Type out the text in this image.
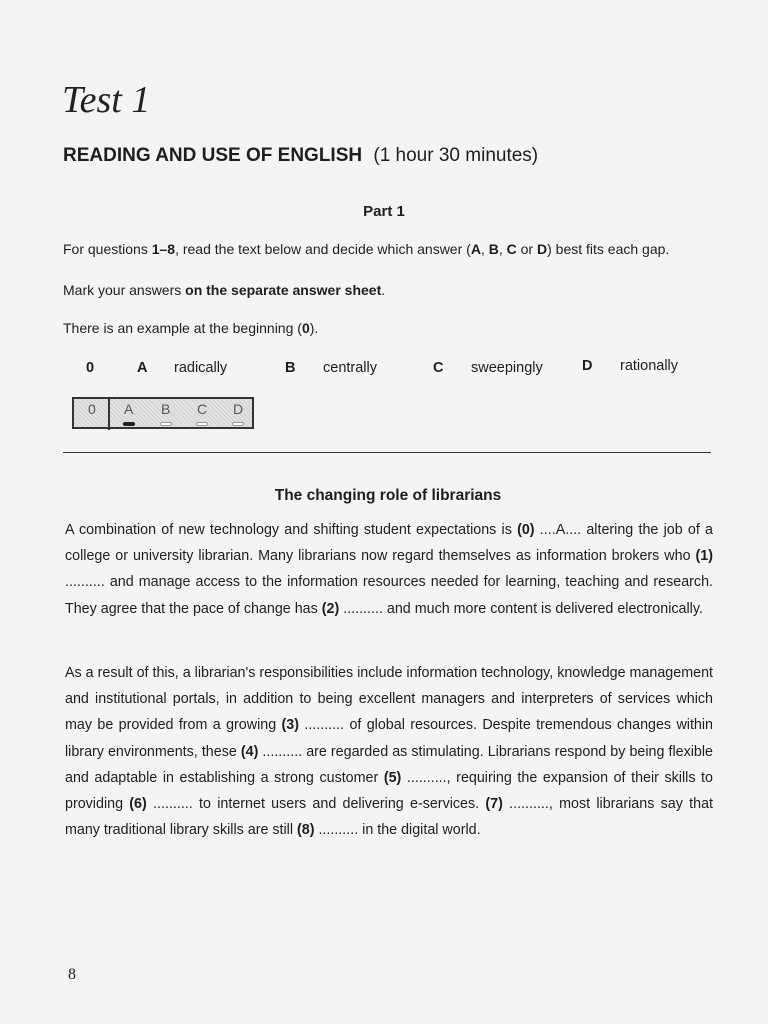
Test 1
READING AND USE OF ENGLISH (1 hour 30 minutes)
Part 1
For questions 1–8, read the text below and decide which answer (A, B, C or D) best fits each gap.
Mark your answers on the separate answer sheet.
There is an example at the beginning (0).
0	A radically	B centrally	C sweepingly	D rationally
0 A B C D
The changing role of librarians
A combination of new technology and shifting student expectations is (0) ....A.... altering the job of a college or university librarian. Many librarians now regard themselves as information brokers who (1) .......... and manage access to the information resources needed for learning, teaching and research. They agree that the pace of change has (2) .......... and much more content is delivered electronically.
As a result of this, a librarian's responsibilities include information technology, knowledge management and institutional portals, in addition to being excellent managers and interpreters of services which may be provided from a growing (3) .......... of global resources. Despite tremendous changes within library environments, these (4) .......... are regarded as stimulating. Librarians respond by being flexible and adaptable in establishing a strong customer (5) .........., requiring the expansion of their skills to providing (6) .......... to internet users and delivering e-services. (7) .........., most librarians say that many traditional library skills are still (8) .......... in the digital world.
8
